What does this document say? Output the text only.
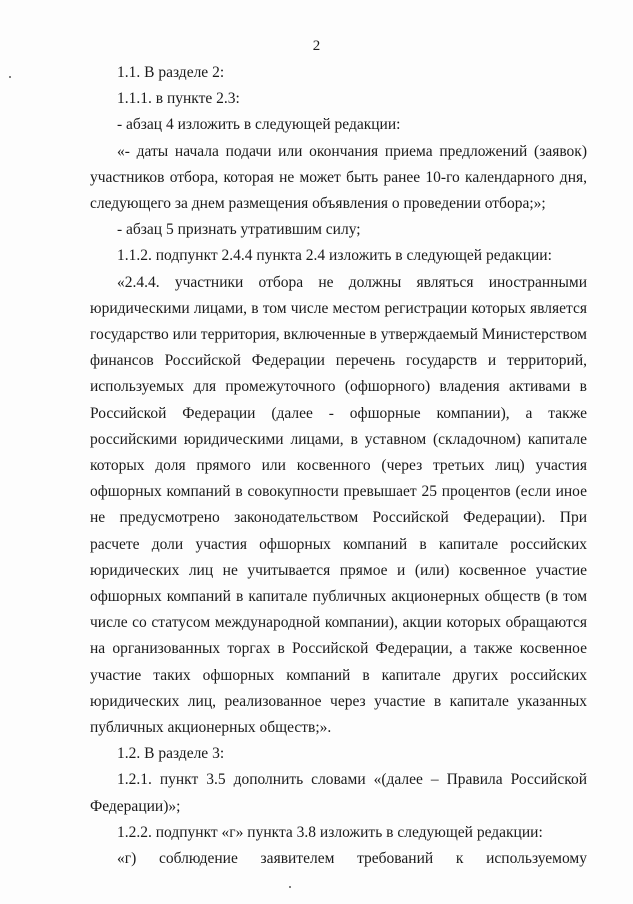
2

1.1. В разделе 2:

1.1.1. в пункте 2.3:

- абзац 4 изложить в следующей редакции:

«- даты начала подачи или окончания приема предложений (заявок) участников отбора, которая не может быть ранее 10-го календарного дня, следующего за днем размещения объявления о проведении отбора;»;

- абзац 5 признать утратившим силу;

1.1.2. подпункт 2.4.4 пункта 2.4 изложить в следующей редакции:

«2.4.4. участники отбора не должны являться иностранными юридическими лицами, в том числе местом регистрации которых является государство или территория, включенные в утверждаемый Министерством финансов Российской Федерации перечень государств и территорий, используемых для промежуточного (офшорного) владения активами в Российской Федерации (далее - офшорные компании), а также российскими юридическими лицами, в уставном (складочном) капитале которых доля прямого или косвенного (через третьих лиц) участия офшорных компаний в совокупности превышает 25 процентов (если иное не предусмотрено законодательством Российской Федерации). При расчете доли участия офшорных компаний в капитале российских юридических лиц не учитывается прямое и (или) косвенное участие офшорных компаний в капитале публичных акционерных обществ (в том числе со статусом международной компании), акции которых обращаются на организованных торгах в Российской Федерации, а также косвенное участие таких офшорных компаний в капитале других российских юридических лиц, реализованное через участие в капитале указанных публичных акционерных обществ;».

1.2. В разделе 3:

1.2.1. пункт 3.5 дополнить словами «(далее – Правила Российской Федерации)»;

1.2.2. подпункт «г» пункта 3.8 изложить в следующей редакции:

«г) соблюдение заявителем требований к используемому
